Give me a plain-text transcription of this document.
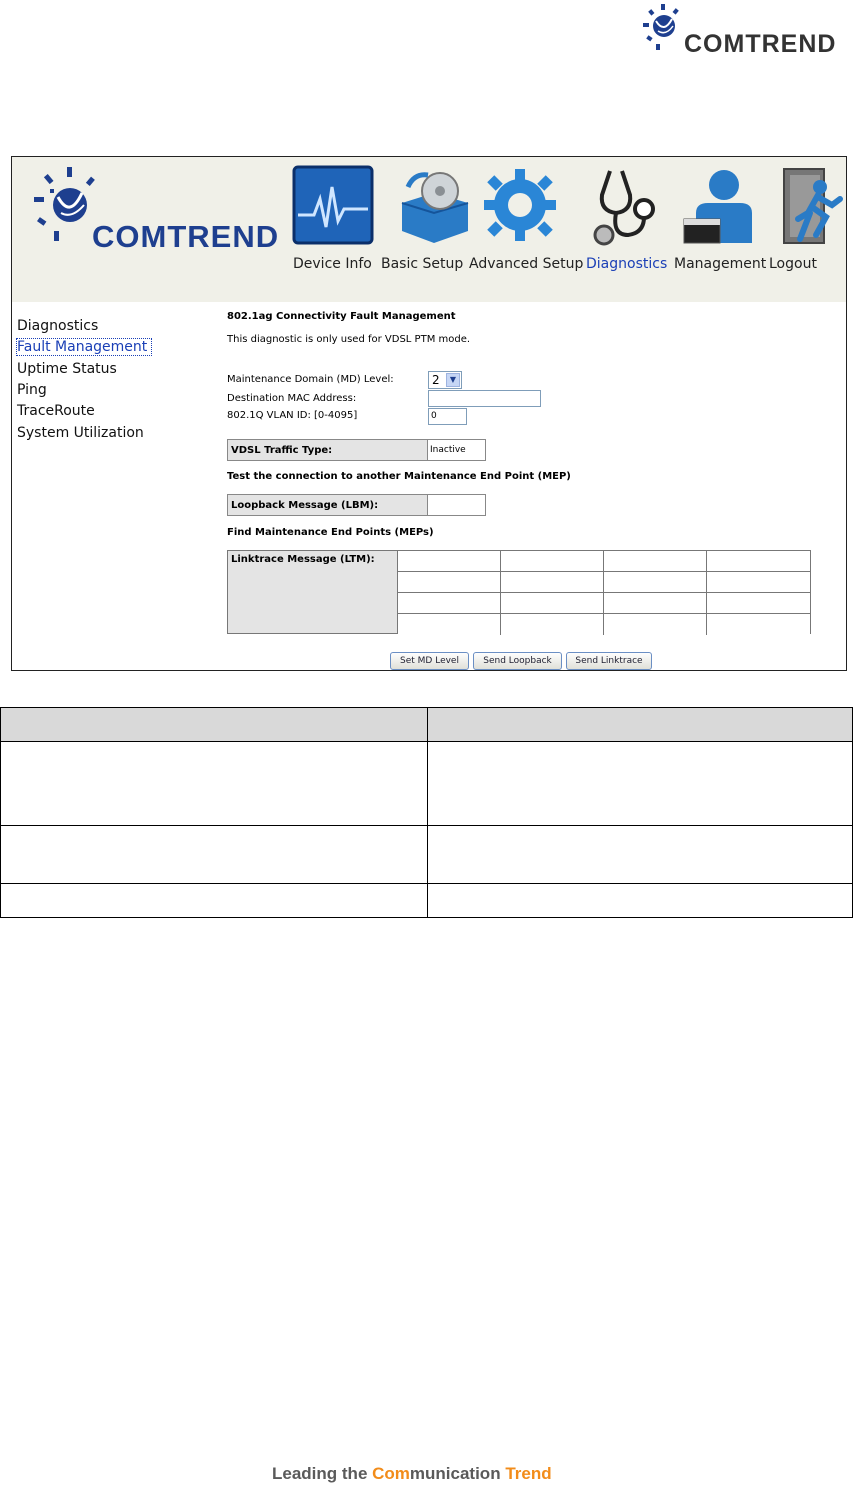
COMTREND
COMTREND
Device Info Basic Setup Advanced Setup Diagnostics Management Logout
Diagnostics
Fault Management
Uptime Status
Ping
TraceRoute
System Utilization
802.1ag Connectivity Fault Management
This diagnostic is only used for VDSL PTM mode.
Maintenance Domain (MD) Level:	2	▼
Destination MAC Address:
802.1Q VLAN ID: [0-4095]	0
VDSL Traffic Type:	Inactive
Test the connection to another Maintenance End Point (MEP)
Loopback Message (LBM):	
Find Maintenance End Points (MEPs)
Linktrace Message (LTM):
Set MD Level	Send Loopback	Send Linktrace

Leading the Communication Trend
